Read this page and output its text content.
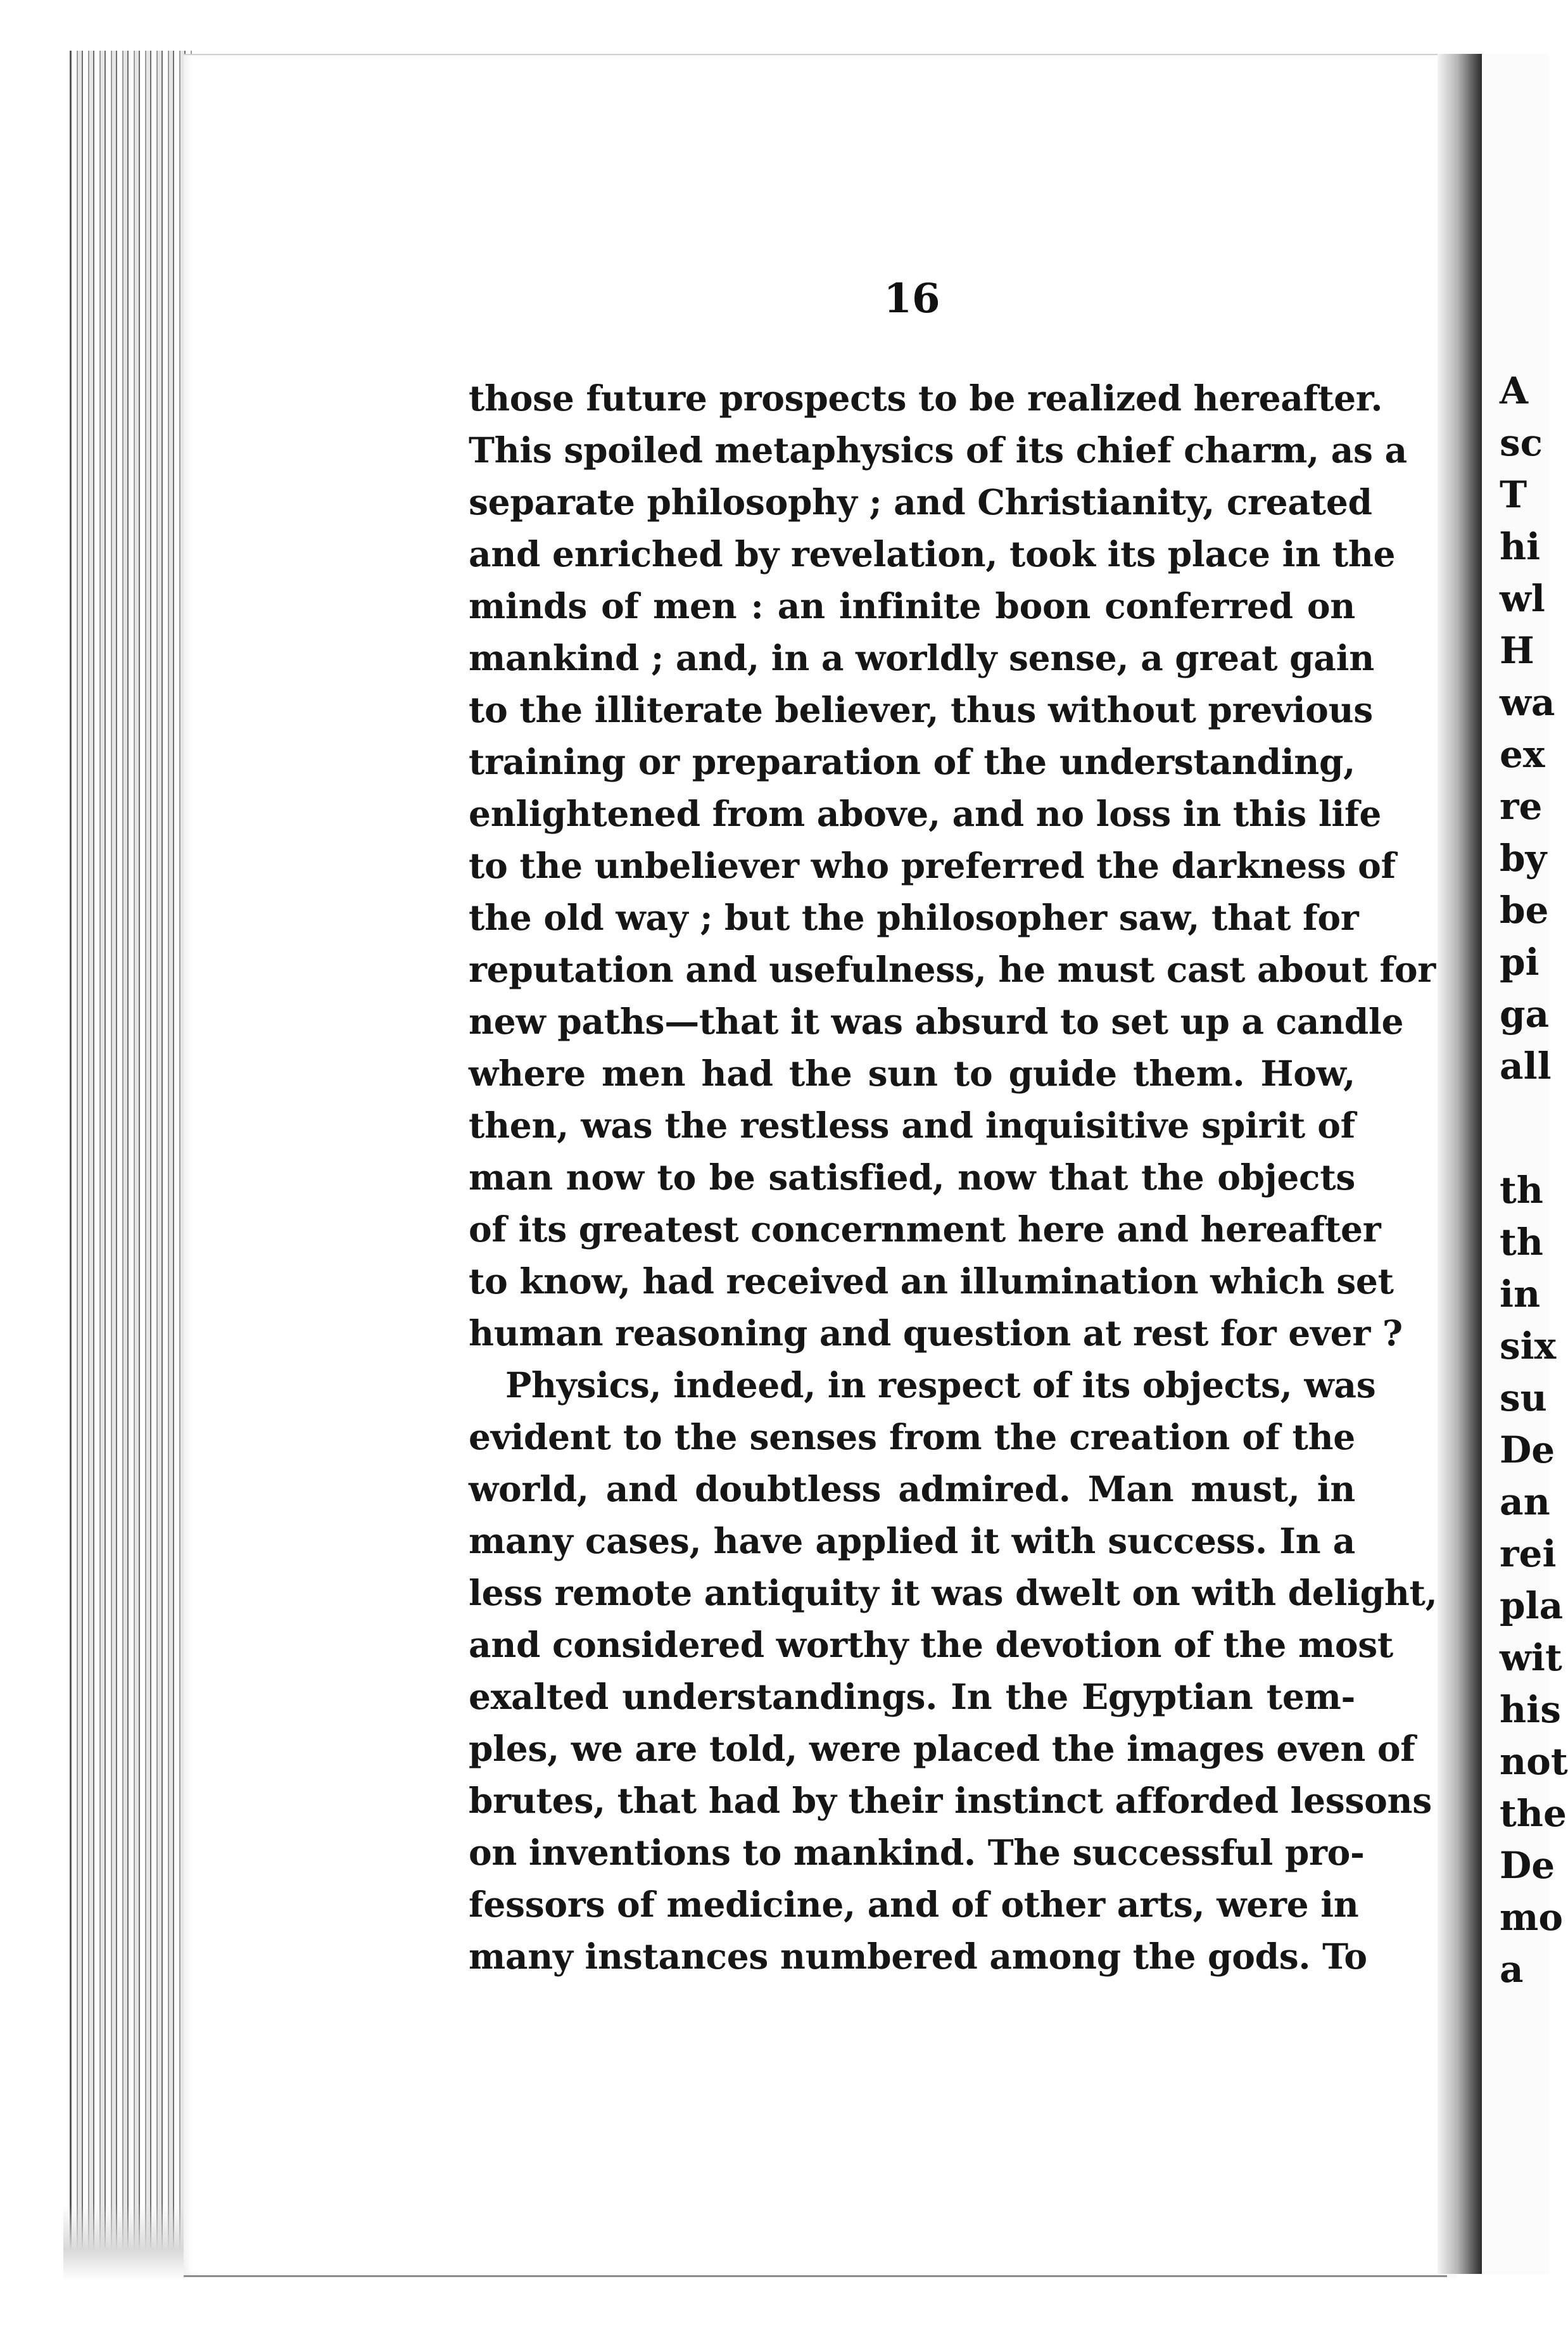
16
those future prospects to be realized hereafter.
This spoiled metaphysics of its chief charm, as a
separate philosophy ; and Christianity, created
and enriched by revelation, took its place in the
minds of men : an infinite boon conferred on
mankind ; and, in a worldly sense, a great gain
to the illiterate believer, thus without previous
training or preparation of the understanding,
enlightened from above, and no loss in this life
to the unbeliever who preferred the darkness of
the old way ; but the philosopher saw, that for
reputation and usefulness, he must cast about for
new paths—that it was absurd to set up a candle
where men had the sun to guide them. How,
then, was the restless and inquisitive spirit of
man now to be satisfied, now that the objects
of its greatest concernment here and hereafter
to know, had received an illumination which set
human reasoning and question at rest for ever ?
Physics, indeed, in respect of its objects, was
evident to the senses from the creation of the
world, and doubtless admired. Man must, in
many cases, have applied it with success. In a
less remote antiquity it was dwelt on with delight,
and considered worthy the devotion of the most
exalted understandings. In the Egyptian tem-
ples, we are told, were placed the images even of
brutes, that had by their instinct afforded lessons
on inventions to mankind. The successful pro-
fessors of medicine, and of other arts, were in
many instances numbered among the gods. To
A
sc
T
hi
wl
H
wa
ex
re
by
be
pi
ga
all
th
th
in
six
su
De
an
rei
pla
wit
his
not
the
De
mo
a
